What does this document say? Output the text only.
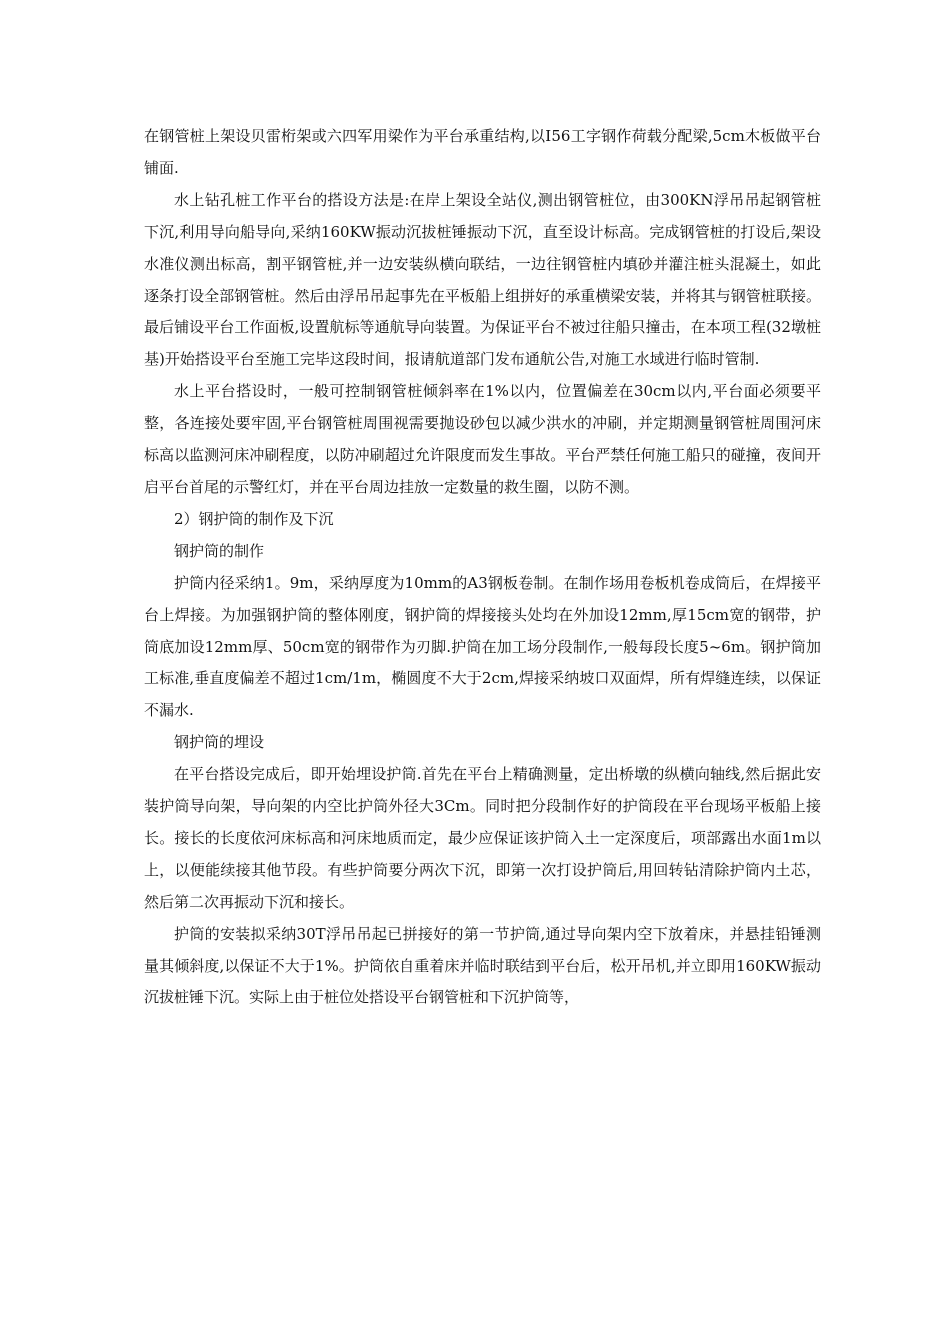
在钢管桩上架设贝雷桁架或六四军用梁作为平台承重结构,以Ⅰ56工字钢作荷载分配梁,5cm木板做平台铺面.

水上钻孔桩工作平台的搭设方法是:在岸上架设全站仪,测出钢管桩位，由300KN浮吊吊起钢管桩下沉,利用导向船导向,采纳160KW振动沉拔桩锤振动下沉，直至设计标高。完成钢管桩的打设后,架设水准仪测出标高，割平钢管桩,并一边安装纵横向联结，一边往钢管桩内填砂并灌注桩头混凝土，如此逐条打设全部钢管桩。然后由浮吊吊起事先在平板船上组拼好的承重横梁安装，并将其与钢管桩联接。最后铺设平台工作面板,设置航标等通航导向装置。为保证平台不被过往船只撞击，在本项工程(32墩桩基)开始搭设平台至施工完毕这段时间，报请航道部门发布通航公告,对施工水域进行临时管制.

水上平台搭设时，一般可控制钢管桩倾斜率在1%以内，位置偏差在30cm以内,平台面必须要平整，各连接处要牢固,平台钢管桩周围视需要抛设砂包以减少洪水的冲刷，并定期测量钢管桩周围河床标高以监测河床冲刷程度，以防冲刷超过允许限度而发生事故。平台严禁任何施工船只的碰撞，夜间开启平台首尾的示警红灯，并在平台周边挂放一定数量的救生圈，以防不测。

2）钢护筒的制作及下沉

钢护筒的制作

护筒内径采纳1。9m，采纳厚度为10mm的A3钢板卷制。在制作场用卷板机卷成筒后，在焊接平台上焊接。为加强钢护筒的整体刚度，钢护筒的焊接接头处均在外加设12mm,厚15cm宽的钢带，护筒底加设12mm厚、50cm宽的钢带作为刃脚.护筒在加工场分段制作,一般每段长度5~6m。钢护筒加工标准,垂直度偏差不超过1cm/1m，椭圆度不大于2cm,焊接采纳坡口双面焊，所有焊缝连续，以保证不漏水.

钢护筒的埋设

在平台搭设完成后，即开始埋设护筒.首先在平台上精确测量，定出桥墩的纵横向轴线,然后据此安装护筒导向架，导向架的内空比护筒外径大3Cm。同时把分段制作好的护筒段在平台现场平板船上接长。接长的长度依河床标高和河床地质而定，最少应保证该护筒入土一定深度后，项部露出水面1m以上，以便能续接其他节段。有些护筒要分两次下沉，即第一次打设护筒后,用回转钻清除护筒内土芯，然后第二次再振动下沉和接长。

护筒的安装拟采纳30T浮吊吊起已拼接好的第一节护筒,通过导向架内空下放着床，并悬挂铅锤测量其倾斜度,以保证不大于1%。护筒依自重着床并临时联结到平台后，松开吊机,并立即用160KW振动沉拔桩锤下沉。实际上由于桩位处搭设平台钢管桩和下沉护筒等，
